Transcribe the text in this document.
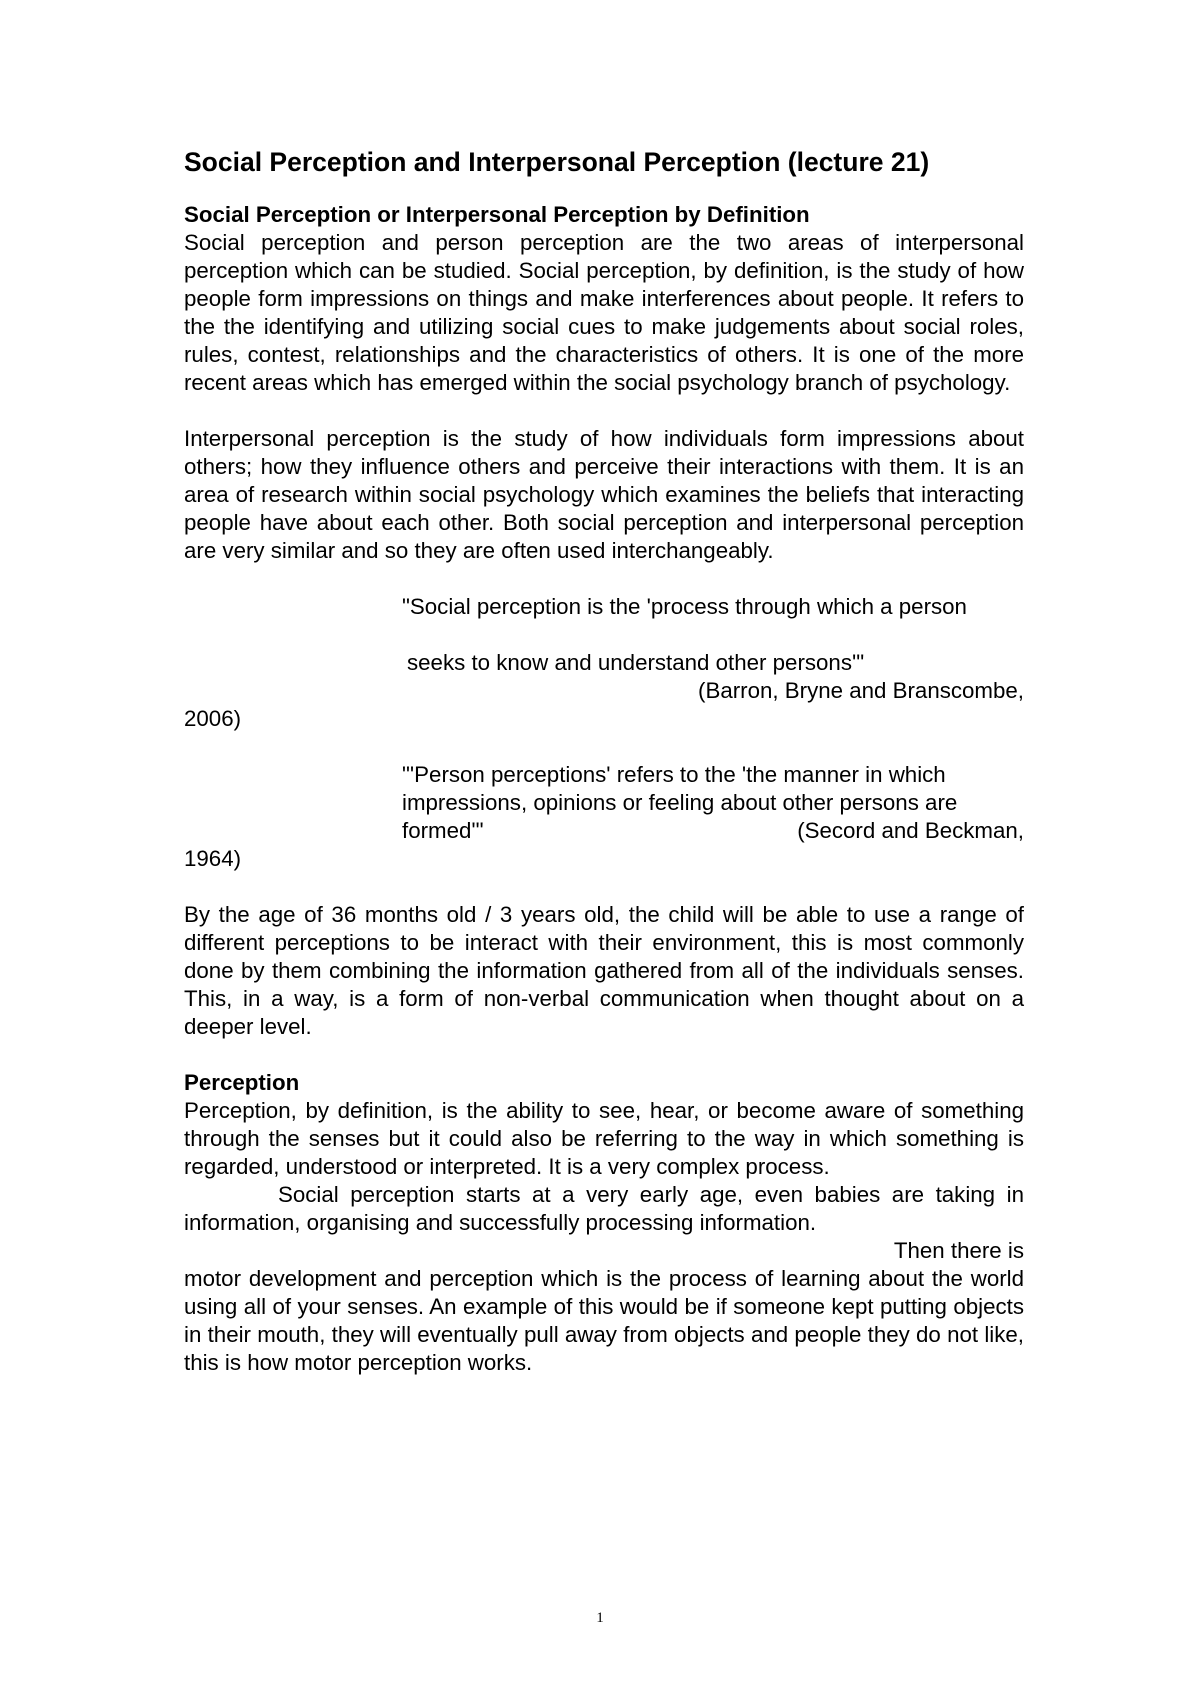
Social Perception and Interpersonal Perception (lecture 21)

Social Perception or Interpersonal Perception by Definition

Social perception and person perception are the two areas of interpersonal perception which can be studied. Social perception, by definition, is the study of how people form impressions on things and make interferences about people. It refers to the the identifying and utilizing social cues to make judgements about social roles, rules, contest, relationships and the characteristics of others. It is one of the more recent areas which has emerged within the social psychology branch of psychology.

Interpersonal perception is the study of how individuals form impressions about others; how they influence others and perceive their interactions with them. It is an area of research within social psychology which examines the beliefs that interacting people have about each other. Both social perception and interpersonal perception are very similar and so they are often used interchangeably.

"Social perception is the 'process through which a person

seeks to know and understand other persons'"

(Barron, Bryne and Branscombe,

2006)

"'Person perceptions' refers to the 'the manner in which

impressions, opinions or feeling about other persons are

formed'"	(Secord and Beckman,

1964)

By the age of 36 months old / 3 years old, the child will be able to use a range of different perceptions to be interact with their environment, this is most commonly done by them combining the information gathered from all of the individuals senses. This, in a way, is a form of non-verbal communication when thought about on a deeper level.

Perception

Perception, by definition, is the ability to see, hear, or become aware of something through the senses but it could also be referring to the way in which something is regarded, understood or interpreted. It is a very complex process.

Social perception starts at a very early age, even babies are taking in information, organising and successfully processing information.

Then there is

motor development and perception which is the process of learning about the world using all of your senses. An example of this would be if someone kept putting objects in their mouth, they will eventually pull away from objects and people they do not like, this is how motor perception works.

1
